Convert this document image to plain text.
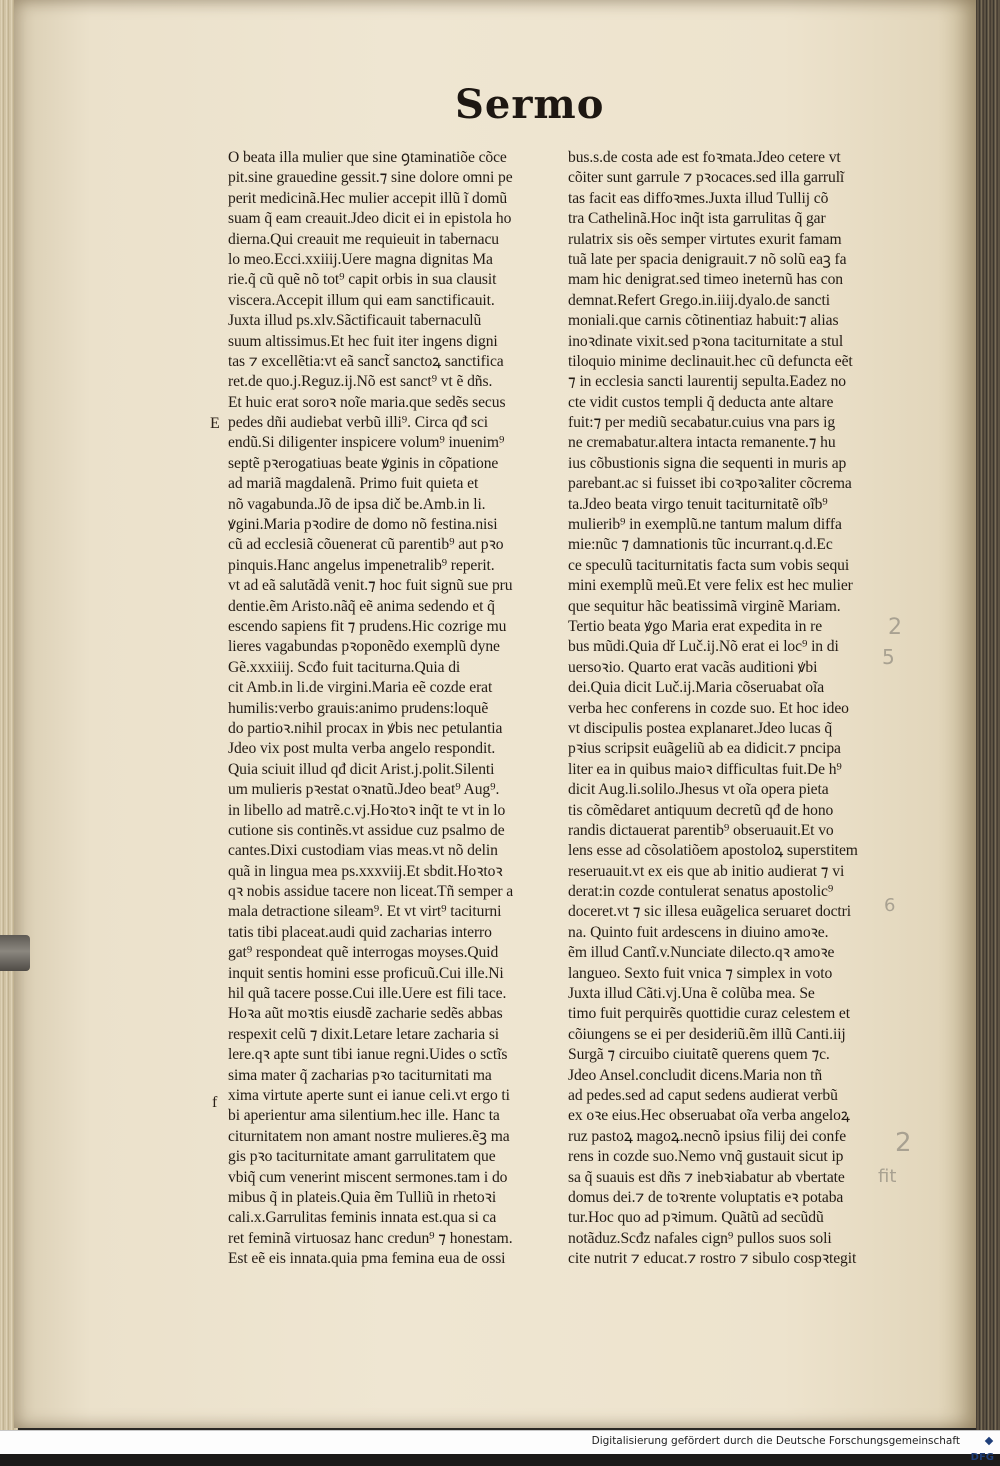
Sermo
O beata illa mulier que sine ꝯtaminatiõe cõce
pit.sine grauedine gessit.⁊ sine dolore omni pe
perit medicinã.Hec mulier accepit illũ ĩ domũ
suam q̃ eam creauit.Jdeo dicit ei in epistola ho
dierna.Qui creauit me requieuit in tabernacu
lo meo.Ecci.xxiiij.Uere magna dignitas Ma
rie.q̃ cũ quẽ nõ tot⁹ capit orbis in sua clausit
viscera.Accepit illum qui eam sanctificauit.
Juxta illud ps.xlv.Sãctificauit tabernaculũ
suum altissimus.Et hec fuit iter ingens digni
tas ⁊ excellẽtia:vt eã sanct̃ sanctoꝝ sanctifica
ret.de quo.j.Reguz.ij.Nõ est sanct⁹ vt ẽ dñs.
Et huic erat soroꝛ noĩe maria.que sedẽs secus
pedes dñi audiebat verbũ illi⁹. Circa qđ sci
endũ.Si diligenter inspicere volum⁹ inuenim⁹
septẽ pꝛerogatiuas beate ꝟginis in cõpatione
ad mariã magdalenã. Primo fuit quieta et
nõ vagabunda.Jõ de ipsa dič be.Amb.in li.
ꝟgini.Maria pꝛodire de domo nõ festina.nisi
cũ ad ecclesiã cõuenerat cũ parentib⁹ aut pꝛo
pinquis.Hanc angelus impenetralib⁹ reperit.
vt ad eã salutãdã venit.⁊ hoc fuit signũ sue pru
dentie.ẽm Aristo.nãq̃ eẽ anima sedendo et q̃
escendo sapiens fit ⁊ prudens.Hic cozrige mu
lieres vagabundas pꝛoponẽdo exemplũ dyne
Gẽ.xxxiiij. Scđo fuit taciturna.Quia di
cit Amb.in li.de virgini.Maria eẽ cozde erat
humilis:verbo grauis:animo prudens:loquẽ
do partioꝛ.nihil procax in ꝟbis nec petulantia
Jdeo vix post multa verba angelo respondit.
Quia sciuit illud qđ dicit Arist.j.polit.Silenti
um mulieris pꝛestat oꝛnatũ.Jdeo beat⁹ Aug⁹.
in libello ad matrẽ.c.vj.Hoꝛtoꝛ inq̃t te vt in lo
cutione sis continẽs.vt assidue cuz psalmo de
cantes.Dixi custodiam vias meas.vt nõ delin
quã in lingua mea ps.xxxviij.Et sbdit.Hoꝛtoꝛ
qꝛ nobis assidue tacere non liceat.Tñ semper a
mala detractione sileam⁹. Et vt virt⁹ taciturni
tatis tibi placeat.audi quid zacharias interro
gat⁹ respondeat quẽ interrogas moyses.Quid
inquit sentis homini esse proficuũ.Cui ille.Ni
hil quã tacere posse.Cui ille.Uere est fili tace.
Hoꝛa aũt moꝛtis eiusdẽ zacharie sedẽs abbas
respexit celũ ⁊ dixit.Letare letare zacharia si
lere.qꝛ apte sunt tibi ianue regni.Uides o sctĩs
sima mater q̃ zacharias pꝛo taciturnitati ma
xima virtute aperte sunt ei ianue celi.vt ergo ti
bi aperientur ama silentium.hec ille. Hanc ta
citurnitatem non amant nostre mulieres.ẽꝫ ma
gis pꝛo taciturnitate amant garrulitatem que
vbiq̃ cum venerint miscent sermones.tam i do
mibus q̃ in plateis.Quia ẽm Tulliũ in rhetoꝛi
cali.x.Garrulitas feminis innata est.qua si ca
ret feminã virtuosaz hanc credun⁹ ⁊ honestam.
Est eẽ eis innata.quia pma femina eua de ossi
bus.s.de costa ade est foꝛmata.Jdeo cetere vt
cõiter sunt garrule ⁊ pꝛocaces.sed illa garrulĩ
tas facit eas diffoꝛmes.Juxta illud Tullij cõ
tra Cathelinã.Hoc inq̃t ista garrulitas q̃ gar
rulatrix sis oẽs semper virtutes exurit famam
tuã late per spacia denigrauit.⁊ nõ solũ eaꝫ fa
mam hic denigrat.sed timeo ineternũ has con
demnat.Refert Grego.in.iiij.dyalo.de sancti
moniali.que carnis cõtinentiaz habuit:⁊ alias
inoꝛdinate vixit.sed pꝛona taciturnitate a stul
tiloquio minime declinauit.hec cũ defuncta eẽt
⁊ in ecclesia sancti laurentij sepulta.Eadez no
cte vidit custos templi q̃ deducta ante altare
fuit:⁊ per mediũ secabatur.cuius vna pars ig
ne cremabatur.altera intacta remanente.⁊ hu
ius cõbustionis signa die sequenti in muris ap
parebant.ac si fuisset ibi coꝛpoꝛaliter cõcrema
ta.Jdeo beata virgo tenuit taciturnitatẽ oĩb⁹
mulierib⁹ in exemplũ.ne tantum malum diffa
mie:nũc ⁊ damnationis tũc incurrant.q.d.Ec
ce speculũ taciturnitatis facta sum vobis sequi
mini exemplũ meũ.Et vere felix est hec mulier
que sequitur hãc beatissimã virginẽ Mariam.
Tertio beata ꝟgo Maria erat expedita in re
bus mũdi.Quia dř Luč.ij.Nõ erat ei loc⁹ in di
uersoꝛio. Quarto erat vacãs auditioni ꝟbi
dei.Quia dicit Luč.ij.Maria cõseruabat oĩa
verba hec conferens in cozde suo. Et hoc ideo
vt discipulis postea explanaret.Jdeo lucas q̃
pꝛius scripsit euãgeliũ ab ea didicit.⁊ pncipa
liter ea in quibus maioꝛ difficultas fuit.De h⁹
dicit Aug.li.solilo.Jhesus vt oĩa opera pieta
tis cõmẽdaret antiquum decretũ qđ de hono
randis dictauerat parentib⁹ obseruauit.Et vo
lens esse ad cõsolatiõem apostoloꝝ superstitem
reseruauit.vt ex eis que ab initio audierat ⁊ vi
derat:in cozde contulerat senatus apostolic⁹
doceret.vt ⁊ sic illesa euãgelica seruaret doctri
na. Quinto fuit ardescens in diuino amoꝛe.
ẽm illud Cantĩ.v.Nunciate dilecto.qꝛ amoꝛe
langueo. Sexto fuit vnica ⁊ simplex in voto
Juxta illud Cãti.vj.Una ẽ colũba mea. Se
timo fuit perquirẽs quottidie curaz celestem et
cõiungens se ei per desideriũ.ẽm illũ Canti.iij
Surgã ⁊ circuibo ciuitatẽ querens quem ⁊c.
Jdeo Ansel.concludit dicens.Maria non tñ
ad pedes.sed ad caput sedens audierat verbũ
ex oꝛe eius.Hec obseruabat oĩa verba angeloꝝ
ruz pastoꝝ magoꝝ.necnõ ipsius filij dei confe
rens in cozde suo.Nemo vnq̃ gustauit sicut ip
sa q̃ suauis est dñs ⁊ inebꝛiabatur ab vbertate
domus dei.⁊ de toꝛrente voluptatis eꝛ potaba
tur.Hoc quo ad pꝛimum. Quãtũ ad secũdũ
notãduz.Scđz nafales cign⁹ pullos suos soli
cite nutrit ⁊ educat.⁊ rostro ⁊ sibulo cospꝛtegit
E
f
2
5
6
2
fit
Digitalisierung gefördert durch die Deutsche Forschungsgemeinschaft
DFG
